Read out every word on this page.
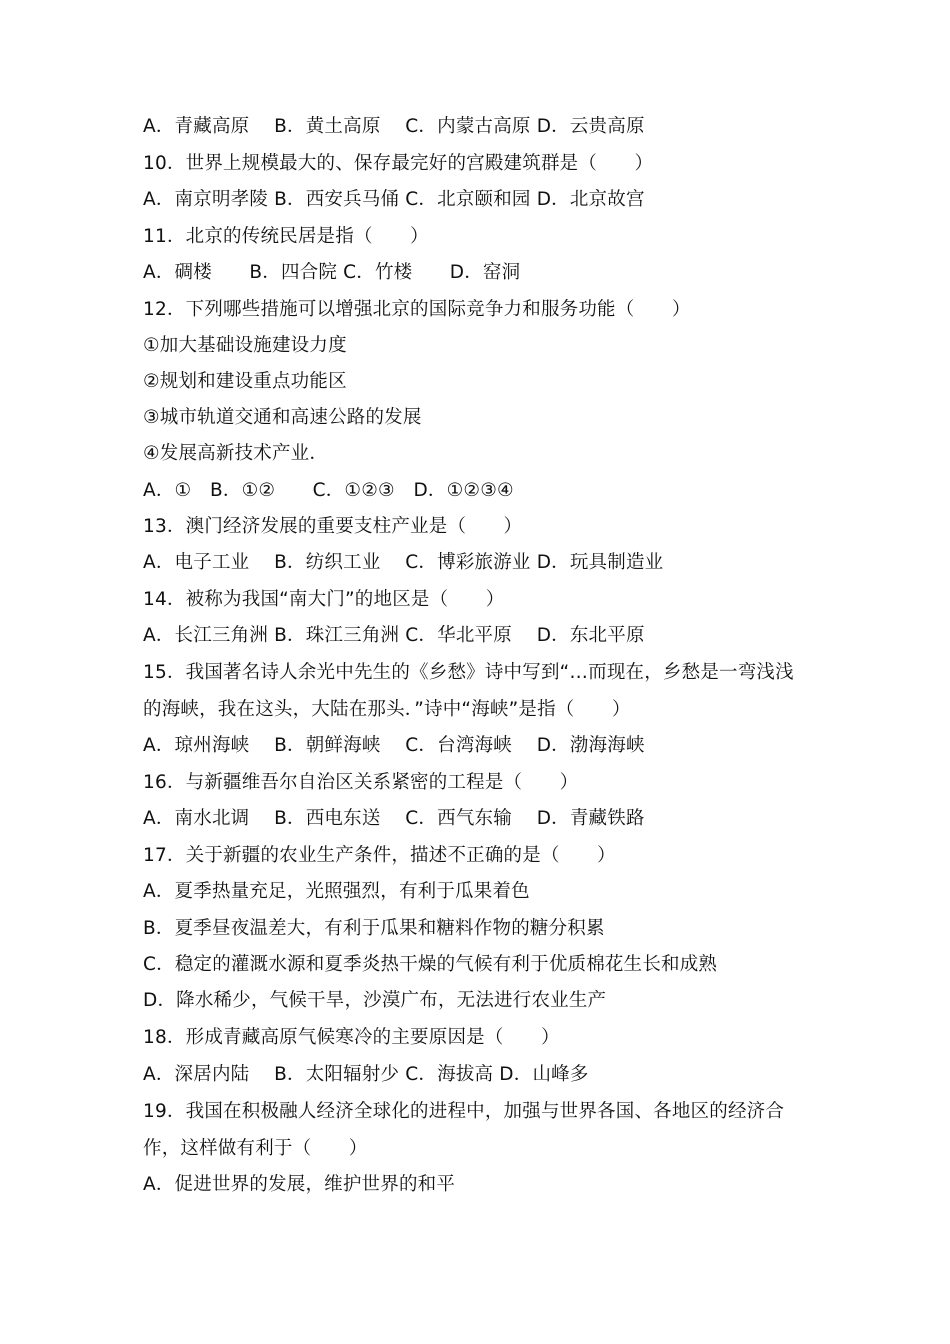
A．青藏高原　 B．黄土高原　 C．内蒙古高原 D．云贵高原
10．世界上规模最大的、保存最完好的宫殿建筑群是（　　）
A．南京明孝陵 B．西安兵马俑 C．北京颐和园 D．北京故宫
11．北京的传统民居是指（　　）
A．碉楼　　B．四合院 C．竹楼　　D．窑洞
12．下列哪些措施可以增强北京的国际竞争力和服务功能（　　）
①加大基础设施建设力度
②规划和建设重点功能区
③城市轨道交通和高速公路的发展
④发展高新技术产业．
A．①　B．①②　　C．①②③　D．①②③④
13．澳门经济发展的重要支柱产业是（　　）
A．电子工业　 B．纺织工业　 C．博彩旅游业 D．玩具制造业
14．被称为我国“南大门”的地区是（　　）
A．长江三角洲 B．珠江三角洲 C．华北平原　 D．东北平原
15．我国著名诗人余光中先生的《乡愁》诗中写到“…而现在，乡愁是一弯浅浅
的海峡，我在这头，大陆在那头．”诗中“海峡”是指（　　）
A．琼州海峡　 B．朝鲜海峡　 C．台湾海峡　 D．渤海海峡
16．与新疆维吾尔自治区关系紧密的工程是（　　）
A．南水北调　 B．西电东送　 C．西气东输　 D．青藏铁路
17．关于新疆的农业生产条件，描述不正确的是（　　）
A．夏季热量充足，光照强烈，有利于瓜果着色
B．夏季昼夜温差大，有利于瓜果和糖料作物的糖分积累
C．稳定的灌溉水源和夏季炎热干燥的气候有利于优质棉花生长和成熟
D．降水稀少，气候干旱，沙漠广布，无法进行农业生产
18．形成青藏高原气候寒冷的主要原因是（　　）
A．深居内陆　 B．太阳辐射少 C．海拔高 D．山峰多
19．我国在积极融人经济全球化的进程中，加强与世界各国、各地区的经济合
作，这样做有利于（　　）
A．促进世界的发展，维护世界的和平
